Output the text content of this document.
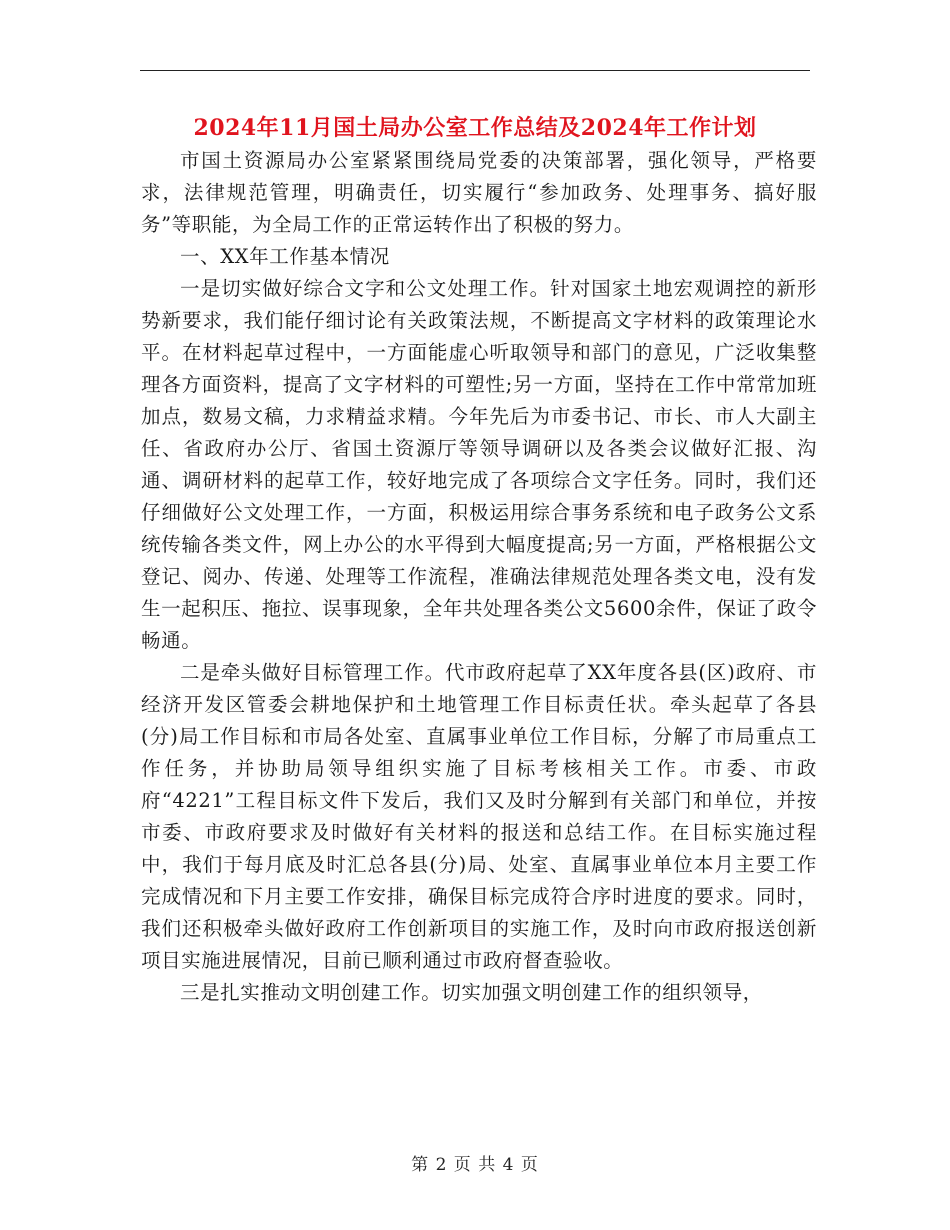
2024年11月国土局办公室工作总结及2024年工作计划

市国土资源局办公室紧紧围绕局党委的决策部署，强化领导，严格要求，法律规范管理，明确责任，切实履行“参加政务、处理事务、搞好服务”等职能，为全局工作的正常运转作出了积极的努力。

一、XX年工作基本情况

一是切实做好综合文字和公文处理工作。针对国家土地宏观调控的新形势新要求，我们能仔细讨论有关政策法规，不断提高文字材料的政策理论水平。在材料起草过程中，一方面能虚心听取领导和部门的意见，广泛收集整理各方面资料，提高了文字材料的可塑性;另一方面，坚持在工作中常常加班加点，数易文稿，力求精益求精。今年先后为市委书记、市长、市人大副主任、省政府办公厅、省国土资源厅等领导调研以及各类会议做好汇报、沟通、调研材料的起草工作，较好地完成了各项综合文字任务。同时，我们还仔细做好公文处理工作，一方面，积极运用综合事务系统和电子政务公文系统传输各类文件，网上办公的水平得到大幅度提高;另一方面，严格根据公文登记、阅办、传递、处理等工作流程，准确法律规范处理各类文电，没有发生一起积压、拖拉、误事现象，全年共处理各类公文5600余件，保证了政令畅通。

二是牵头做好目标管理工作。代市政府起草了XX年度各县(区)政府、市经济开发区管委会耕地保护和土地管理工作目标责任状。牵头起草了各县(分)局工作目标和市局各处室、直属事业单位工作目标，分解了市局重点工作任务，并协助局领导组织实施了目标考核相关工作。市委、市政府“4221”工程目标文件下发后，我们又及时分解到有关部门和单位，并按市委、市政府要求及时做好有关材料的报送和总结工作。在目标实施过程中，我们于每月底及时汇总各县(分)局、处室、直属事业单位本月主要工作完成情况和下月主要工作安排，确保目标完成符合序时进度的要求。同时，我们还积极牵头做好政府工作创新项目的实施工作，及时向市政府报送创新项目实施进展情况，目前已顺利通过市政府督查验收。

三是扎实推动文明创建工作。切实加强文明创建工作的组织领导，

第 2 页 共 4 页
